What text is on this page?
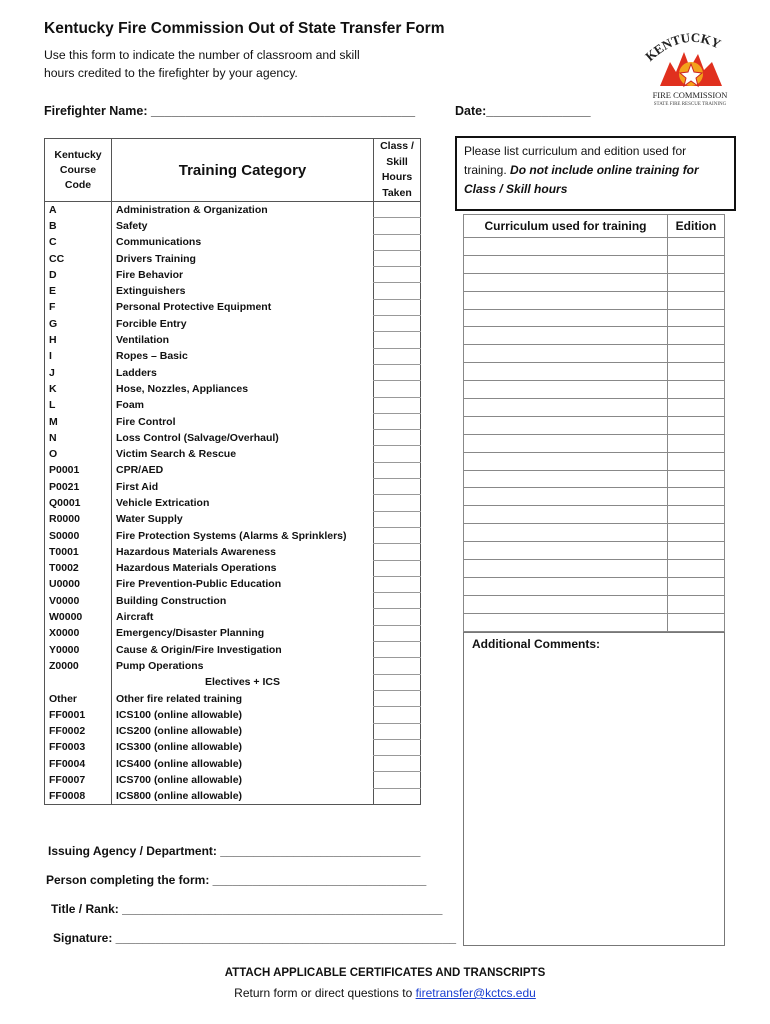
Kentucky Fire Commission Out of State Transfer Form
Use this form to indicate the number of classroom and skill hours credited to the firefighter by your agency.
KENTUCKY
FIRE COMMISSION
STATE FIRE RESCUE TRAINING
Firefighter Name: ______________________________________	Date:_______________
Kentucky Course Code	Training Category	Class / Skill Hours Taken
A	Administration & Organization	
B	Safety	
C	Communications	
CC	Drivers Training	
D	Fire Behavior	
E	Extinguishers	
F	Personal Protective Equipment	
G	Forcible Entry	
H	Ventilation	
I	Ropes – Basic	
J	Ladders	
K	Hose, Nozzles, Appliances	
L	Foam	
M	Fire Control	
N	Loss Control (Salvage/Overhaul)	
O	Victim Search & Rescue	
P0001	CPR/AED	
P0021	First Aid	
Q0001	Vehicle Extrication	
R0000	Water Supply	
S0000	Fire Protection Systems (Alarms & Sprinklers)	
T0001	Hazardous Materials Awareness	
T0002	Hazardous Materials Operations	
U0000	Fire Prevention-Public Education	
V0000	Building Construction	
W0000	Aircraft	
X0000	Emergency/Disaster Planning	
Y0000	Cause & Origin/Fire Investigation	
Z0000	Pump Operations	
	Electives + ICS	
Other	Other fire related training	
FF0001	ICS100 (online allowable)	
FF0002	ICS200 (online allowable)	
FF0003	ICS300 (online allowable)	
FF0004	ICS400 (online allowable)	
FF0007	ICS700 (online allowable)	
FF0008	ICS800 (online allowable)	
Please list curriculum and edition used for training. Do not include online training for Class / Skill hours
Curriculum used for training	Edition

Additional Comments:
Issuing Agency / Department: ______________________________
Person completing the form: ________________________________
Title / Rank: ________________________________________________
Signature: ___________________________________________________
ATTACH APPLICABLE CERTIFICATES AND TRANSCRIPTS
Return form or direct questions to firetransfer@kctcs.edu
